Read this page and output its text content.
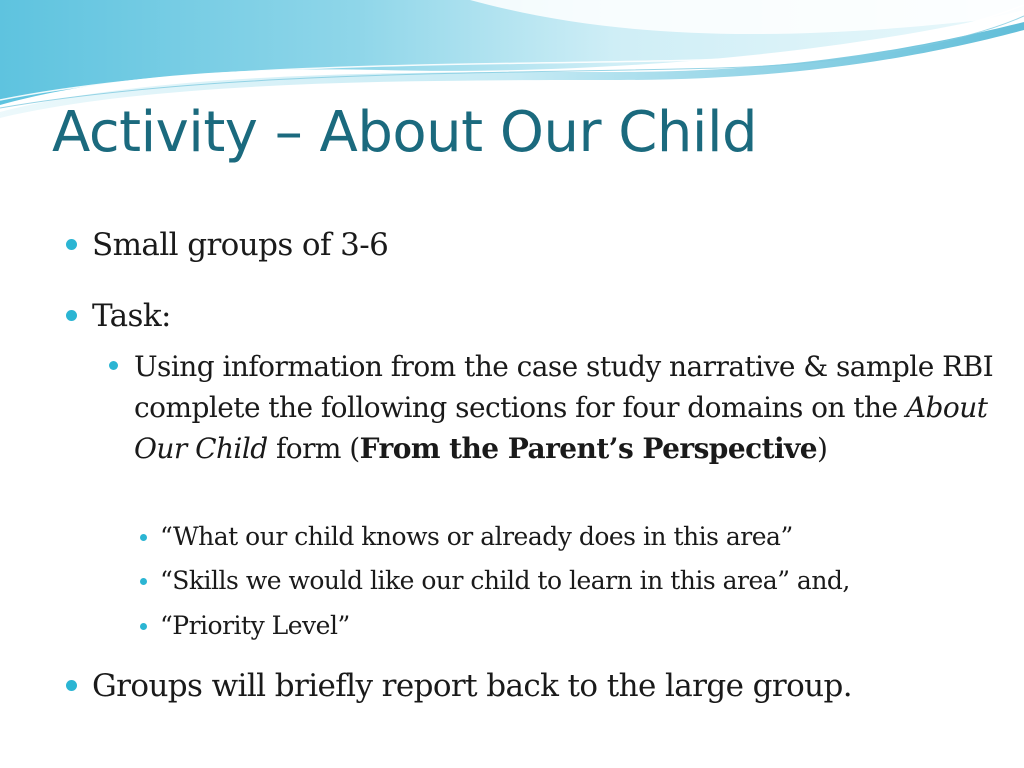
Activity – About Our Child
Small groups of 3-6
Task:
Using information from the case study narrative & sample RBI complete the following sections for four domains on the About Our Child form (From the Parent’s Perspective)
“What our child knows or already does in this area”
“Skills we would like our child to learn in this area” and,
“Priority Level”
Groups will briefly report back to the large group.
